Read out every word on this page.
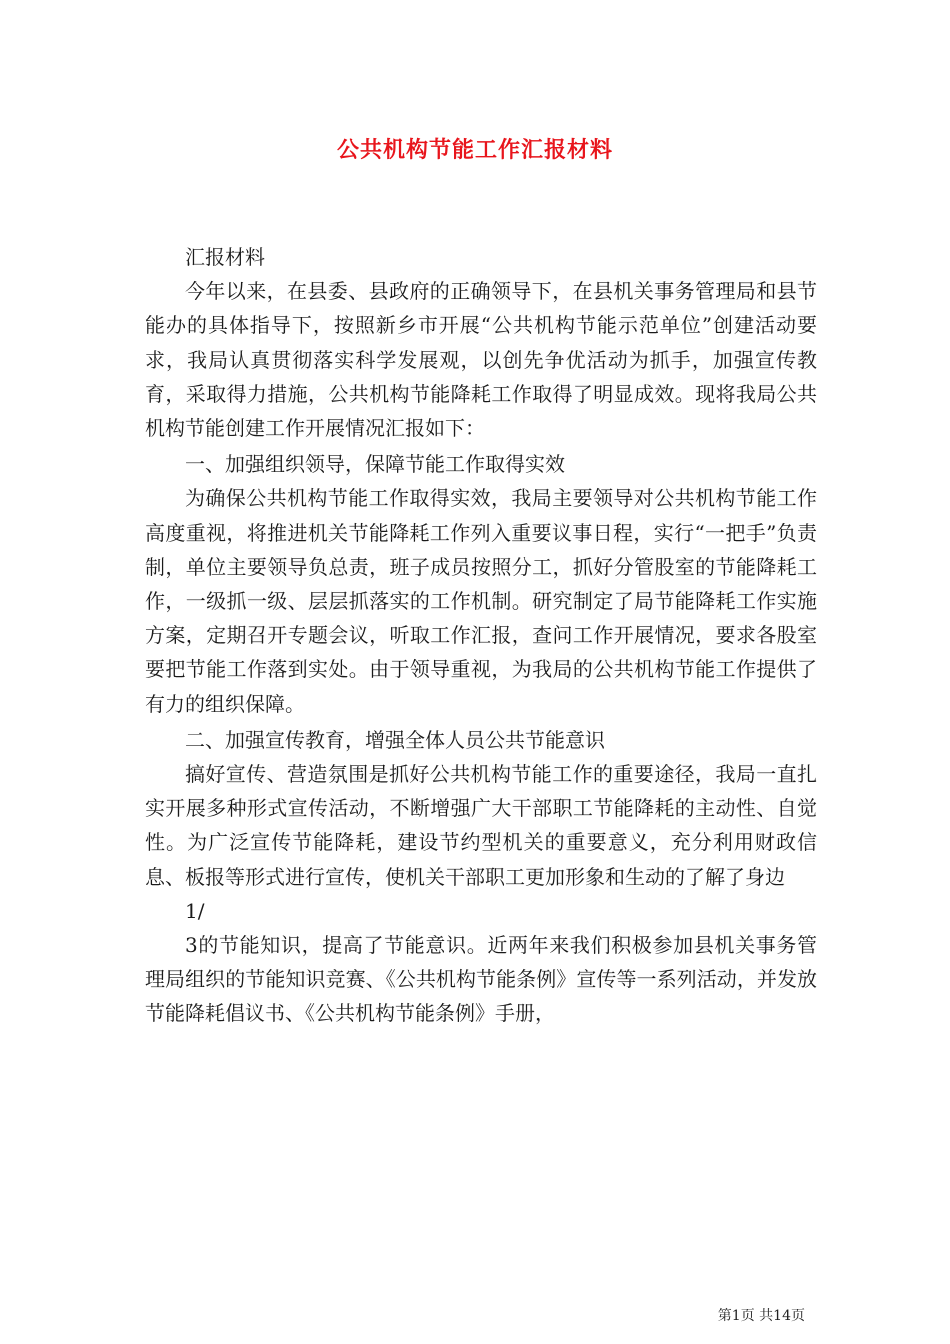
公共机构节能工作汇报材料

汇报材料

今年以来，在县委、县政府的正确领导下，在县机关事务管理局和县节能办的具体指导下，按照新乡市开展“公共机构节能示范单位”创建活动要求，我局认真贯彻落实科学发展观，以创先争优活动为抓手，加强宣传教育，采取得力措施，公共机构节能降耗工作取得了明显成效。现将我局公共机构节能创建工作开展情况汇报如下：

一、加强组织领导，保障节能工作取得实效

为确保公共机构节能工作取得实效，我局主要领导对公共机构节能工作高度重视，将推进机关节能降耗工作列入重要议事日程，实行“一把手”负责制，单位主要领导负总责，班子成员按照分工，抓好分管股室的节能降耗工作，一级抓一级、层层抓落实的工作机制。研究制定了局节能降耗工作实施方案，定期召开专题会议，听取工作汇报，查问工作开展情况，要求各股室要把节能工作落到实处。由于领导重视，为我局的公共机构节能工作提供了有力的组织保障。

二、加强宣传教育，增强全体人员公共节能意识

搞好宣传、营造氛围是抓好公共机构节能工作的重要途径，我局一直扎实开展多种形式宣传活动，不断增强广大干部职工节能降耗的主动性、自觉性。为广泛宣传节能降耗，建设节约型机关的重要意义，充分利用财政信息、板报等形式进行宣传，使机关干部职工更加形象和生动的了解了身边

1/

3的节能知识，提高了节能意识。近两年来我们积极参加县机关事务管理局组织的节能知识竞赛、《公共机构节能条例》宣传等一系列活动，并发放节能降耗倡议书、《公共机构节能条例》手册，

第1页 共14页
